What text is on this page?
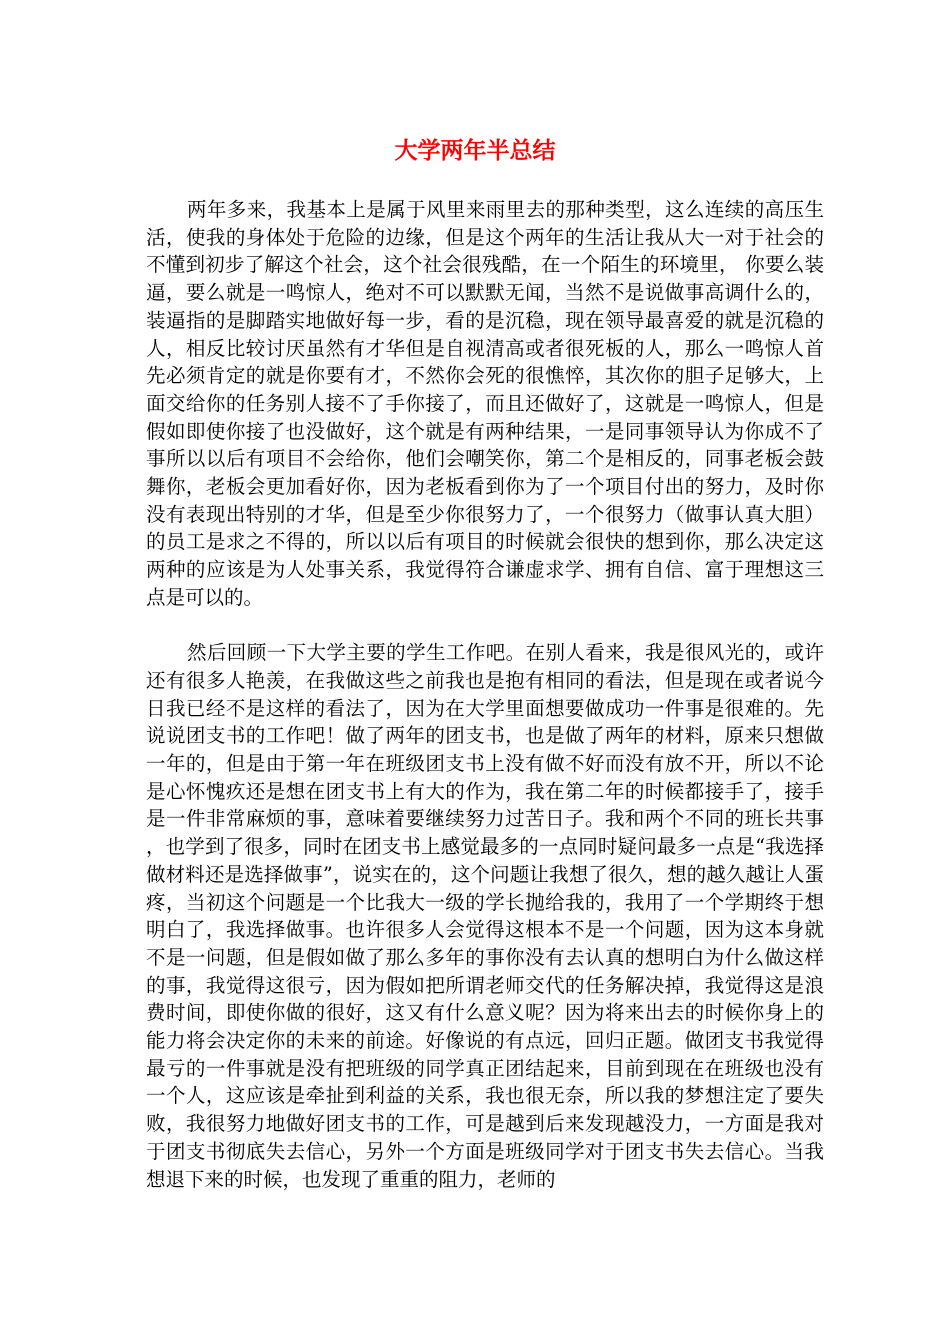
大学两年半总结

两年多来，我基本上是属于风里来雨里去的那种类型，这么连续的高压生活，使我的身体处于危险的边缘，但是这个两年的生活让我从大一对于社会的不懂到初步了解这个社会，这个社会很残酷，在一个陌生的环境里， 你要么装逼，要么就是一鸣惊人，绝对不可以默默无闻，当然不是说做事高调什么的，装逼指的是脚踏实地做好每一步，看的是沉稳，现在领导最喜爱的就是沉稳的人，相反比较讨厌虽然有才华但是自视清高或者很死板的人，那么一鸣惊人首先必须肯定的就是你要有才，不然你会死的很憔悴，其次你的胆子足够大，上面交给你的任务别人接不了手你接了，而且还做好了，这就是一鸣惊人，但是假如即使你接了也没做好，这个就是有两种结果，一是同事领导认为你成不了事所以以后有项目不会给你，他们会嘲笑你，第二个是相反的，同事老板会鼓舞你，老板会更加看好你，因为老板看到你为了一个项目付出的努力，及时你没有表现出特别的才华，但是至少你很努力了，一个很努力（做事认真大胆）的员工是求之不得的，所以以后有项目的时候就会很快的想到你，那么决定这两种的应该是为人处事关系，我觉得符合谦虚求学、拥有自信、富于理想这三点是可以的。

然后回顾一下大学主要的学生工作吧。在别人看来，我是很风光的，或许还有很多人艳羡，在我做这些之前我也是抱有相同的看法，但是现在或者说今日我已经不是这样的看法了，因为在大学里面想要做成功一件事是很难的。先说说团支书的工作吧！做了两年的团支书，也是做了两年的材料，原来只想做一年的，但是由于第一年在班级团支书上没有做不好而没有放不开，所以不论是心怀愧疚还是想在团支书上有大的作为，我在第二年的时候都接手了，接手是一件非常麻烦的事，意味着要继续努力过苦日子。我和两个不同的班长共事，也学到了很多，同时在团支书上感觉最多的一点同时疑问最多一点是“我选择做材料还是选择做事”，说实在的，这个问题让我想了很久，想的越久越让人蛋疼，当初这个问题是一个比我大一级的学长抛给我的，我用了一个学期终于想明白了，我选择做事。也许很多人会觉得这根本不是一个问题，因为这本身就不是一问题，但是假如做了那么多年的事你没有去认真的想明白为什么做这样的事，我觉得这很亏，因为假如把所谓老师交代的任务解决掉，我觉得这是浪费时间，即使你做的很好，这又有什么意义呢？因为将来出去的时候你身上的能力将会决定你的未来的前途。好像说的有点远，回归正题。做团支书我觉得最亏的一件事就是没有把班级的同学真正团结起来，目前到现在在班级也没有一个人，这应该是牵扯到利益的关系，我也很无奈，所以我的梦想注定了要失败，我很努力地做好团支书的工作，可是越到后来发现越没力，一方面是我对于团支书彻底失去信心，另外一个方面是班级同学对于团支书失去信心。当我想退下来的时候，也发现了重重的阻力，老师的
